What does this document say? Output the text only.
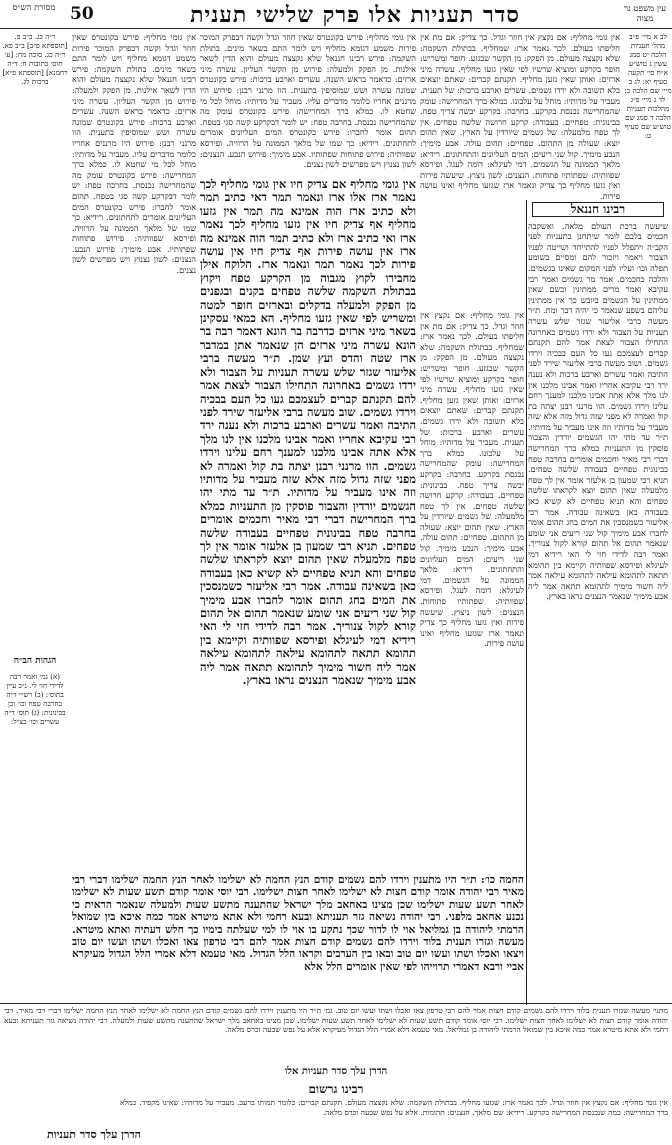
מסורת הש״ס 50	סדר תעניות אלו פרק שלישי תענית	עין משפט נר מצוה
לב א מיי׳ פ״ב מהל׳ תעניות הלכה יט סמג עשין ג טוש״ע א״ח סי׳ תקעה סעיף יא: לג ב מיי׳ שם הלכה כ: לד ג מיי׳ פ״ג מהלכות תעניות הלכה ד סמג שם טוש״ע שם סעיף ט:
רבינו חננאל
שיעשה ברכת העולם מלאה. ואשקבה חכמים בלבם לומר שיתחנן בתעניות לפני הקב״ה ויתפלל לפניו להתייחד ושייטה לפניו הצבור ויאמר ויזכור להם ומסיים בשומע תפלה וכו׳ ועליו לפני המקום שאינו בגשמים. והלכה כחכמים. אמר מר גשמים ואמר רבי עקיבא ואמר מרים ממתינין וכשם שאין ממתינין על הגשמים ביובש כך אין ממתינין עליהם בשפע שנאמר כי יהיה דבר ומת. ת״ר מעשה ברבי אליעזר שגזר שלש עשרה תעניות על הצבור ולא ירדו גשמים באחרונה התחילו הצבור לצאת אמר להם תקנתם קברים לעצמכם געו כל העם בבכיה וירדו גשמים. ושוב מעשה ברבי אליעזר שירד לפני התיבה ואמר עשרים וארבע ברכות ולא נענה ירד רבי עקיבא אחריו ואמר אבינו מלכנו אין לנו מלך אלא אתה אבינו מלכנו למענך רחם עלינו וירדו גשמים. הוו מרנני רבנן יצתה בת קול ואמרה לא מפני שזה גדול מזה אלא שזה מעביר על מדותיו וזה אינו מעביר על מדותיו. ת״ר עד מתי יהו הגשמים יורדין והצבור פוסקין מן התעניות כמלא ברך המחרישה דברי רבי מאיר וחכמים אומרים בחרבה טפח בבינונית טפחיים בעבודה שלשה טפחים. תניא רבי שמעון בן אלעזר אומר אין לך טפח מלמעלה שאין תהום יוצא לקראתו שלשה טפחים והא תניא טפחיים לא קשיא כאן בעבודה כאן בשאינה עבודה. אמר רבי אליעזר כשמנסכין את המים בחג תהום אומר לחברו אבע מימיך קול שני ריעים אני שומע שנאמר תהום אל תהום קורא לקול צנוריך. ואמר רבה לדידי חזי לי האי רידיא דמי לעיגלא ופירסא שפוותיה וקיימא בין תהומא תתאה לתהומא עילאה לתהומא עילאה אמר ליה חשור מימיך לתהומא תתאה אמר ליה אבע מימיך שנאמר הנצנים נראו בארץ.
אין גומי מחליף: אם נקצץ אין חוזר וגדל. כך צדיק: אם מת אין חליפתו בעולם. לכך נאמר ארז: שמחליף. בבתולת השקמה: שלא נקצצה מעולם. מן הפקק: מן הקשר שבגזע. חופר ומשריש: חופר בקרקע ומוציא שרשיו לפי שאין גזעו מחליף. עשרה מיני ארזים: ואותן שאין גזען מחליף. תקנתם קברים: שאתם יוצאים בלא תשובה ולא ירדו גשמים. עשרים וארבע ברכות: של תענית. מעביר על מדותיו: מוחל על עלבונו. כמלא ברך המחרישה: עומק שהמחרישה נכנסת בקרקע. בחרבה: בקרקע יבשה צריך טפח. בבינונית: טפחיים. בעבודה: קרקע חרושה שלשה טפחים. אין לך טפח מלמעלה: של גשמים שיורדין על הארץ. שאין תהום יוצא: שעולה מן התהום. טפחיים: תהום עולה. אבע מימיך: הנבע מימיך. קול שני ריעים: המים העליונים והתחתונים. רידיא: מלאך הממונה על הגשמים. דמי לעיגלא: דומה לעגל. ופירסא שפוותיה: שפתותיו פתוחות. הנצנים: לשון ניצוץ. שיעשה פירות ואין גזעו מחליף כך צדיק ונאמר ארז שגזעו מחליף ואינו עושה פירות.
אין גומי מחליף: אם נקצץ אין חוזר וגדל. כך צדיק: אם מת אין חליפתו בעולם. לכך נאמר ארז: שמחליף. בבתולת השקמה: שלא נקצצה מעולם. מן הפקק: מן הקשר שבגזע. חופר ומשריש: חופר בקרקע ומוציא שרשיו לפי שאין גזעו מחליף. עשרה מיני ארזים: ואותן שאין גזען מחליף. תקנתם קברים: שאתם יוצאים בלא תשובה ולא ירדו גשמים. עשרים וארבע ברכות: של תענית. מעביר על מדותיו: מוחל על עלבונו. כמלא ברך המחרישה: עומק שהמחרישה נכנסת בקרקע. בחרבה: בקרקע יבשה צריך טפח. בבינונית: טפחיים. בעבודה: קרקע חרושה שלשה טפחים. אין לך טפח מלמעלה: של גשמים שיורדין על הארץ. שאין תהום יוצא: שעולה מן התהום. טפחיים: תהום עולה. אבע מימיך: הנבע מימיך. קול שני ריעים: המים העליונים והתחתונים. רידיא: מלאך הממונה על הגשמים. דמי לעיגלא: דומה לעגל. ופירסא שפוותיה: שפתותיו פתוחות. הנצנים: לשון ניצוץ. שיעשה פירות ואין גזעו מחליף כך צדיק ונאמר ארז שגזעו מחליף ואינו עושה פירות.
אין גומי מחליף אם צדיק חיו אין גומי מחליף לכך נאמר ארז אלו ארז ונאמר תמר דאי כתיב תמר ולא כתיב ארז הוה אמינא מה תמר אין גזעו מחליף אף צדיק חיו אין גזעו מחליף לכך נאמר ארז ואי כתיב ארז ולא כתיב תמר הוה אמינא מה ארז אין עושה פירות אף צדיק חיו אין עושה פירות לכך נאמר תמר ונאמר ארז. הלוקח אילן מחבירו לקוץ מגבוה מן הקרקע טפח ויקוץ בבתולת השקמה שלשה טפחים בקנים ובגפנים מן הפקק ולמעלה בדקלים ובארזים חופר למטה ומשריש לפי שאין גזעו מחליף. הא כמאי עסקינן בשאר מיני ארזים כדרבה בר הונא דאמר רבה בר הונא עשרה מיני ארזים הן שנאמר אתן במדבר ארז שטה והדס ועץ שמן. ת״ר מעשה ברבי אליעזר שגזר שלש עשרה תעניות על הצבור ולא ירדו גשמים באחרונה התחילו הצבור לצאת אמר להם תקנתם קברים לעצמכם געו כל העם בבכיה וירדו גשמים. שוב מעשה ברבי אליעזר שירד לפני התיבה ואמר עשרים וארבע ברכות ולא נענה ירד רבי עקיבא אחריו ואמר אבינו מלכנו אין לנו מלך אלא אתה אבינו מלכנו למענך רחם עלינו וירדו גשמים. הוו מרנני רבנן יצתה בת קול ואמרה לא מפני שזה גדול מזה אלא שזה מעביר על מדותיו וזה אינו מעביר על מדותיו. ת״ר עד מתי יהו הגשמים יורדין והצבור פוסקין מן התעניות כמלא ברך המחרישה דברי רבי מאיר וחכמים אומרים בחרבה טפח בבינונית טפחיים בעבודה שלשה טפחים. תניא רבי שמעון בן אלעזר אומר אין לך טפח מלמעלה שאין תהום יוצא לקראתו שלשה טפחים והא תניא טפחיים לא קשיא כאן בעבודה כאן בשאינה עבודה. אמר רבי אליעזר כשמנסכין את המים בחג תהום אומר לחברו אבע מימיך קול שני ריעים אני שומע שנאמר תהום אל תהום קורא לקול צנוריך. אמר רבה לדידי חזי לי האי רידיא דמי לעיגלא ופירסא שפוותיה וקיימא בין תהומא תתאה לתהומא עילאה לתהומא עילאה אמר ליה חשור מימיך לתהומא תתאה אמר ליה אבע מימיך שנאמר הנצנים נראו בארץ.
אין גומי מחליף: פירש בקונטרס שאין חוזר וגדל וקשה דבפרק המוכר פירות משמע דגומא מחליף ויש לומר התם בשאר מינים. בתולת השקמה: פירש רבינו חננאל שלא נקצצה מעולם והוא הדין לשאר אילנות. מן הפקק ולמעלה: פירוש מן הקשר העליון. עשרה מיני ארזים: כדאמר בראש השנה. עשרים וארבע ברכות: פירש בקונטרס שמונה עשרה ושש שמוסיפין בתענית. הוו מרנני רבנן: פירוש היו מרננים אחריו כלומר מדברים עליו. מעביר על מדותיו: מוחל לכל מי שחטא לו. כמלא ברך המחרישה: פירש בקונטרס עומק מה שהמחרישה נכנסת. בחרבה טפח: יש לומר דבקרקע קשה סגי בטפח. תהום אומר לחברו: פירש בקונטרס המים העליונים אומרים לתחתונים. רידיא: כך שמו של מלאך הממונה על הרוויה. ופירסא שפוותיה: פירוש פתוחות שפתותיו. אבע מימיך: פירוש הנבע. הנצנים: לשון נצנוץ ויש מפרשים לשון נצנים.
אין גומי מחליף: פירש בקונטרס שאין חוזר וגדל וקשה דבפרק המוכר פירות משמע דגומא מחליף ויש לומר התם בשאר מינים. בתולת השקמה: פירש רבינו חננאל שלא נקצצה מעולם והוא הדין לשאר אילנות. מן הפקק ולמעלה: פירוש מן הקשר העליון. עשרה מיני ארזים: כדאמר בראש השנה. עשרים וארבע ברכות: פירש בקונטרס שמונה עשרה ושש שמוסיפין בתענית. הוו מרנני רבנן: פירוש היו מרננים אחריו כלומר מדברים עליו. מעביר על מדותיו: מוחל לכל מי שחטא לו. כמלא ברך המחרישה: פירש בקונטרס עומק מה שהמחרישה נכנסת. בחרבה טפח: יש לומר דבקרקע קשה סגי בטפח. תהום אומר לחברו: פירש בקונטרס המים העליונים אומרים לתחתונים. רידיא: כך שמו של מלאך הממונה על הרוויה. ופירסא שפוותיה: פירוש פתוחות שפתותיו. אבע מימיך: פירוש הנבע. הנצנים: לשון נצנוץ ויש מפרשים לשון נצנים.
ר״ה כג. ב״ב פ. [תוספתא פ״ב] ב״ב פא. ר״ה כג. סוכה מח: [ע׳ תוס׳ כתובות ח: ד״ה רחמנא] [תוספתא פ״א] ברכות לג.
הגהות הב״ח
(א) גמ׳ ואמר רבה לדידי חזי לי. נ״ב עיין בתוס׳: (ב) רש״י ד״ה בחרבה טפח וכו׳ וכן בבינונית: (ג) תוס׳ ד״ה עשרים וכו׳ כצ״ל:
החמה כו׳: ת״ר היו מתענין וירדו להם גשמים קודם הנץ החמה לא ישלימו לאחר הנץ החמה ישלימו דברי רבי מאיר רבי יהודה אומר קודם חצות לא ישלימו לאחר חצות ישלימו. רבי יוסי אומר קודם תשע שעות לא ישלימו לאחר תשע שעות ישלימו שכן מצינו באחאב מלך ישראל שהתענה מתשע שעות ולמעלה שנאמר הראית כי נכנע אחאב מלפני. רבי יהודה נשיאה גזר תעניתא ובעא רחמי ולא אתא מיטרא אמר כמה איכא בין שמואל הרמתי ליהודה בן גמליאל אוי לו לדור שכך נתקע בו אוי לו למי שעלתה בימיו כך חלש דעתיה ואתא מיטרא. מעשה וגזרו תענית בלוד וירדו להם גשמים קודם חצות אמר להם רבי טרפון צאו ואכלו ושתו ועשו יום טוב ויצאו ואכלו ושתו ועשו יום טוב ובאו בין הערבים וקראו הלל הגדול. מאי טעמא דלא אמרי הלל הגדול מעיקרא אביי ורבא דאמרי תרוייהו לפי שאין אומרים הלל אלא
מתני׳ מעשה שגזרו תענית בלוד וירדו להם גשמים קודם חצות אמר להם רבי טרפון צאו ואכלו ושתו ועשו יום טוב. גמ׳ ת״ר היו מתענין וירדו להם גשמים קודם הנץ החמה לא ישלימו לאחר הנץ החמה ישלימו דברי רבי מאיר. רבי יהודה אומר קודם חצות לא ישלימו לאחר חצות ישלימו. רבי יוסי אומר קודם תשע שעות לא ישלימו לאחר תשע שעות ישלימו. שכן מצינו באחאב מלך ישראל שהתענה מתשע שעות ולמעלה. רבי יהודה נשיאה גזר תעניתא ובעא רחמי ולא אתא מיטרא אמר כמה איכא בין שמואל הרמתי ליהודה בן גמליאל. מאי טעמא דלא אמרי הלל הגדול מעיקרא אלא על נפש שבעה וכרס מלאה.
הדרן עלך סדר תעניות אלו
רבינו גרשום
אין גומי מחליף: אם נקצץ אין חוזר וגדל. לכך נאמר ארז: שגזעו מחליף. בבתולת השקמה: שלא נקצצה מעולם. תקנתם קברים: כלומר תמותו ברעב. מעביר על מדותיו: שאינו מקפיד. כמלא ברך המחרישה: כמה שנכנסת המחרישה בקרקע. רידיא: שם מלאך. הנצנים: תהומות. אלא על נפש שבעה וכרס מלאה.
הדרן עלך סדר תעניות
